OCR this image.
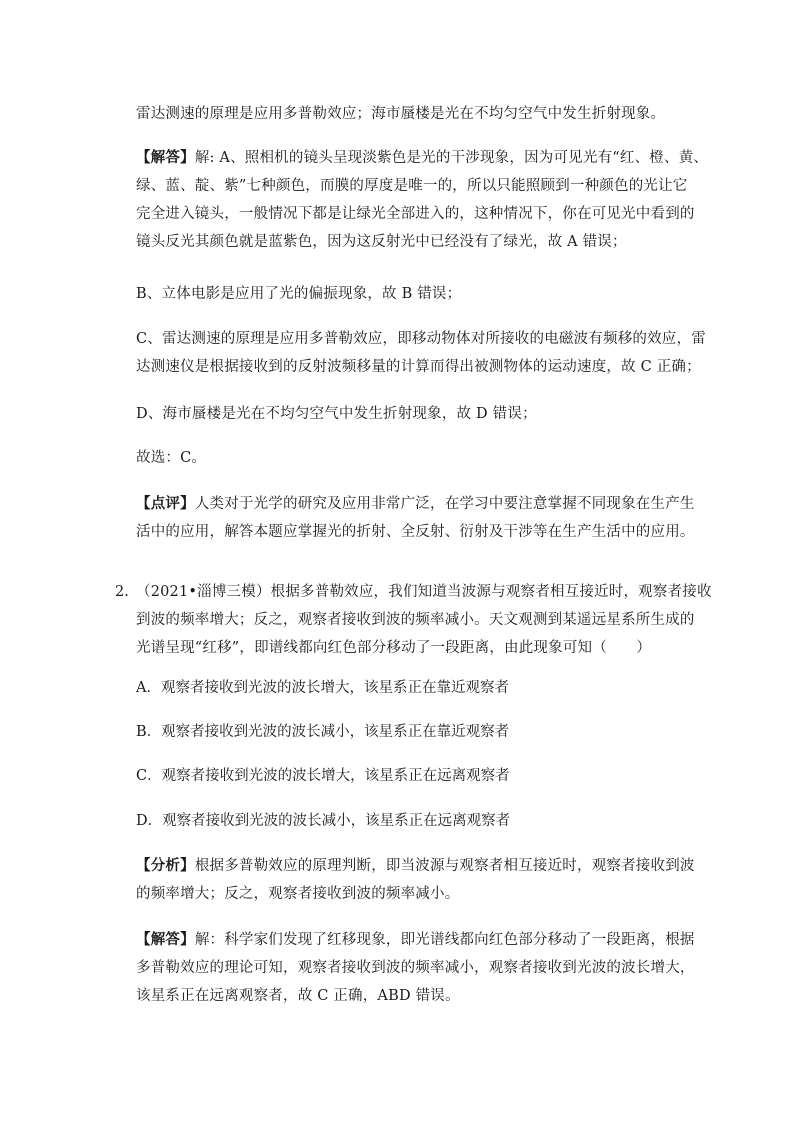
雷达测速的原理是应用多普勒效应；海市蜃楼是光在不均匀空气中发生折射现象。

【解答】解: A、照相机的镜头呈现淡紫色是光的干涉现象，因为可见光有“红、橙、黄、
绿、蓝、靛、紫”七种颜色，而膜的厚度是唯一的，所以只能照顾到一种颜色的光让它
完全进入镜头，一般情况下都是让绿光全部进入的，这种情况下，你在可见光中看到的
镜头反光其颜色就是蓝紫色，因为这反射光中已经没有了绿光，故 A 错误；

B、立体电影是应用了光的偏振现象，故 B 错误；

C、雷达测速的原理是应用多普勒效应，即移动物体对所接收的电磁波有频移的效应，雷
达测速仪是根据接收到的反射波频移量的计算而得出被测物体的运动速度，故 C 正确；

D、海市蜃楼是光在不均匀空气中发生折射现象，故 D 错误；

故选：C。

【点评】人类对于光学的研究及应用非常广泛，在学习中要注意掌握不同现象在生产生
活中的应用，解答本题应掌握光的折射、全反射、衍射及干涉等在生产生活中的应用。

2. （2021•淄博三模）根据多普勒效应，我们知道当波源与观察者相互接近时，观察者接收
到波的频率增大；反之，观察者接收到波的频率减小。天文观测到某遥远星系所生成的
光谱呈现“红移”，即谱线都向红色部分移动了一段距离，由此现象可知（　　）

A．观察者接收到光波的波长增大，该星系正在靠近观察者

B．观察者接收到光波的波长减小，该星系正在靠近观察者

C．观察者接收到光波的波长增大，该星系正在远离观察者

D．观察者接收到光波的波长减小，该星系正在远离观察者

【分析】根据多普勒效应的原理判断，即当波源与观察者相互接近时，观察者接收到波
的频率增大；反之，观察者接收到波的频率减小。

【解答】解：科学家们发现了红移现象，即光谱线都向红色部分移动了一段距离，根据
多普勒效应的理论可知，观察者接收到波的频率减小，观察者接收到光波的波长增大，
该星系正在远离观察者，故 C 正确，ABD 错误。
